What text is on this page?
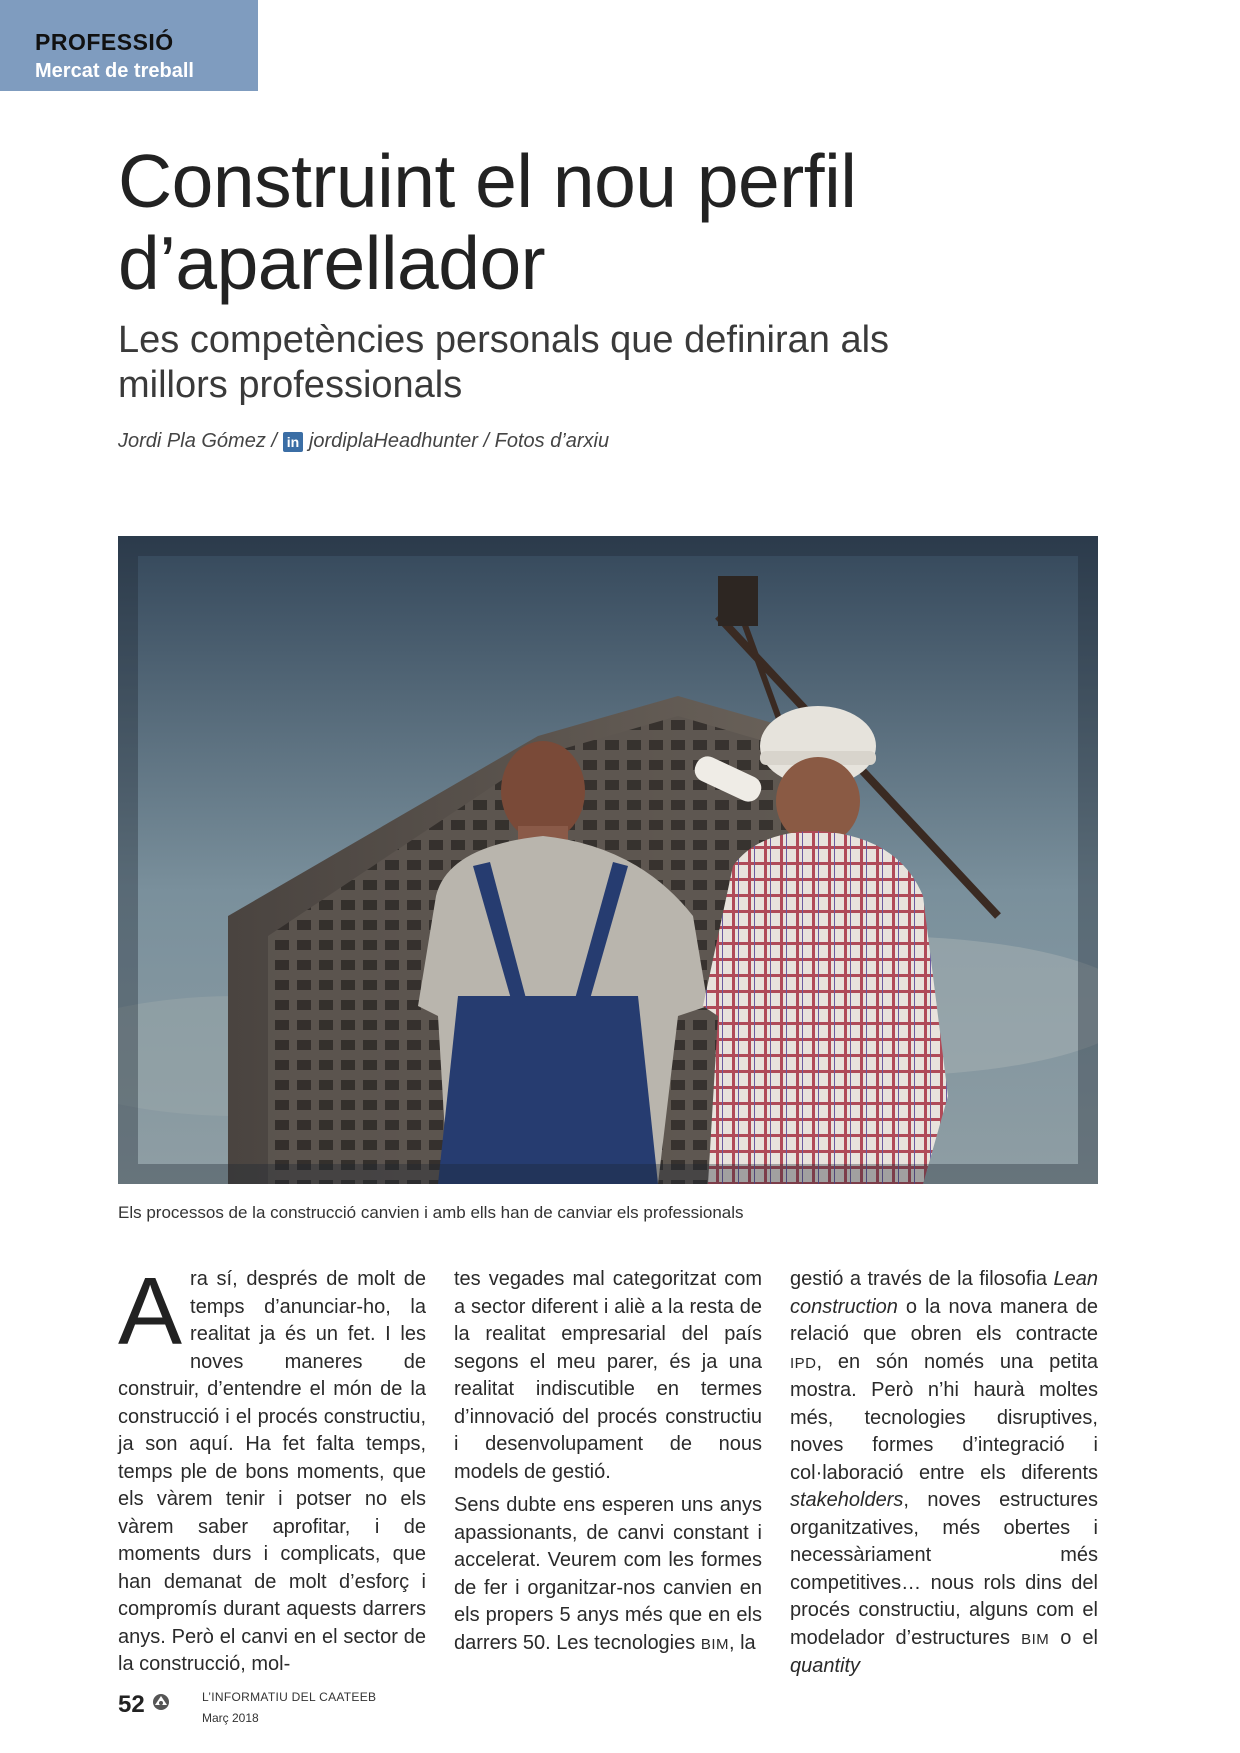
PROFESSIÓ
Mercat de treball
Construint el nou perfil
d’aparellador
Les competències personals que definiran als
millors professionals
Jordi Pla Gómez / in jordiplaHeadhunter / Fotos d’arxiu
Els processos de la construcció canvien i amb ells han de canviar els professionals

Ara sí, després de molt de temps d’anunciar-ho, la realitat ja és un fet. I les noves maneres de construir, d’entendre el món de la construcció i el procés constructiu, ja son aquí. Ha fet falta temps, temps ple de bons moments, que els vàrem tenir i potser no els vàrem saber aprofitar, i de moments durs i complicats, que han demanat de molt d’esforç i compromís durant aquests darrers anys. Però el canvi en el sector de la construcció, mol-

tes vegades mal categoritzat com a sector diferent i aliè a la resta de la realitat empresarial del país segons el meu parer, és ja una realitat indiscutible en termes d’innovació del procés constructiu i desenvolupament de nous models de gestió.

Sens dubte ens esperen uns anys apassionants, de canvi constant i accelerat. Veurem com les formes de fer i organitzar-nos canvien en els propers 5 anys més que en els darrers 50. Les tecnologies BIM, la

gestió a través de la filosofia Lean construction o la nova manera de relació que obren els contracte IPD, en són només una petita mostra. Però n’hi haurà moltes més, tecnologies disruptives, noves formes d’integració i col·laboració entre els diferents stakeholders, noves estructures organitzatives, més obertes i necessàriament més competitives… nous rols dins del procés constructiu, alguns com el modelador d’estructures BIM o el quantity

52	L’INFORMATIU DEL CAATEEB
Març 2018
